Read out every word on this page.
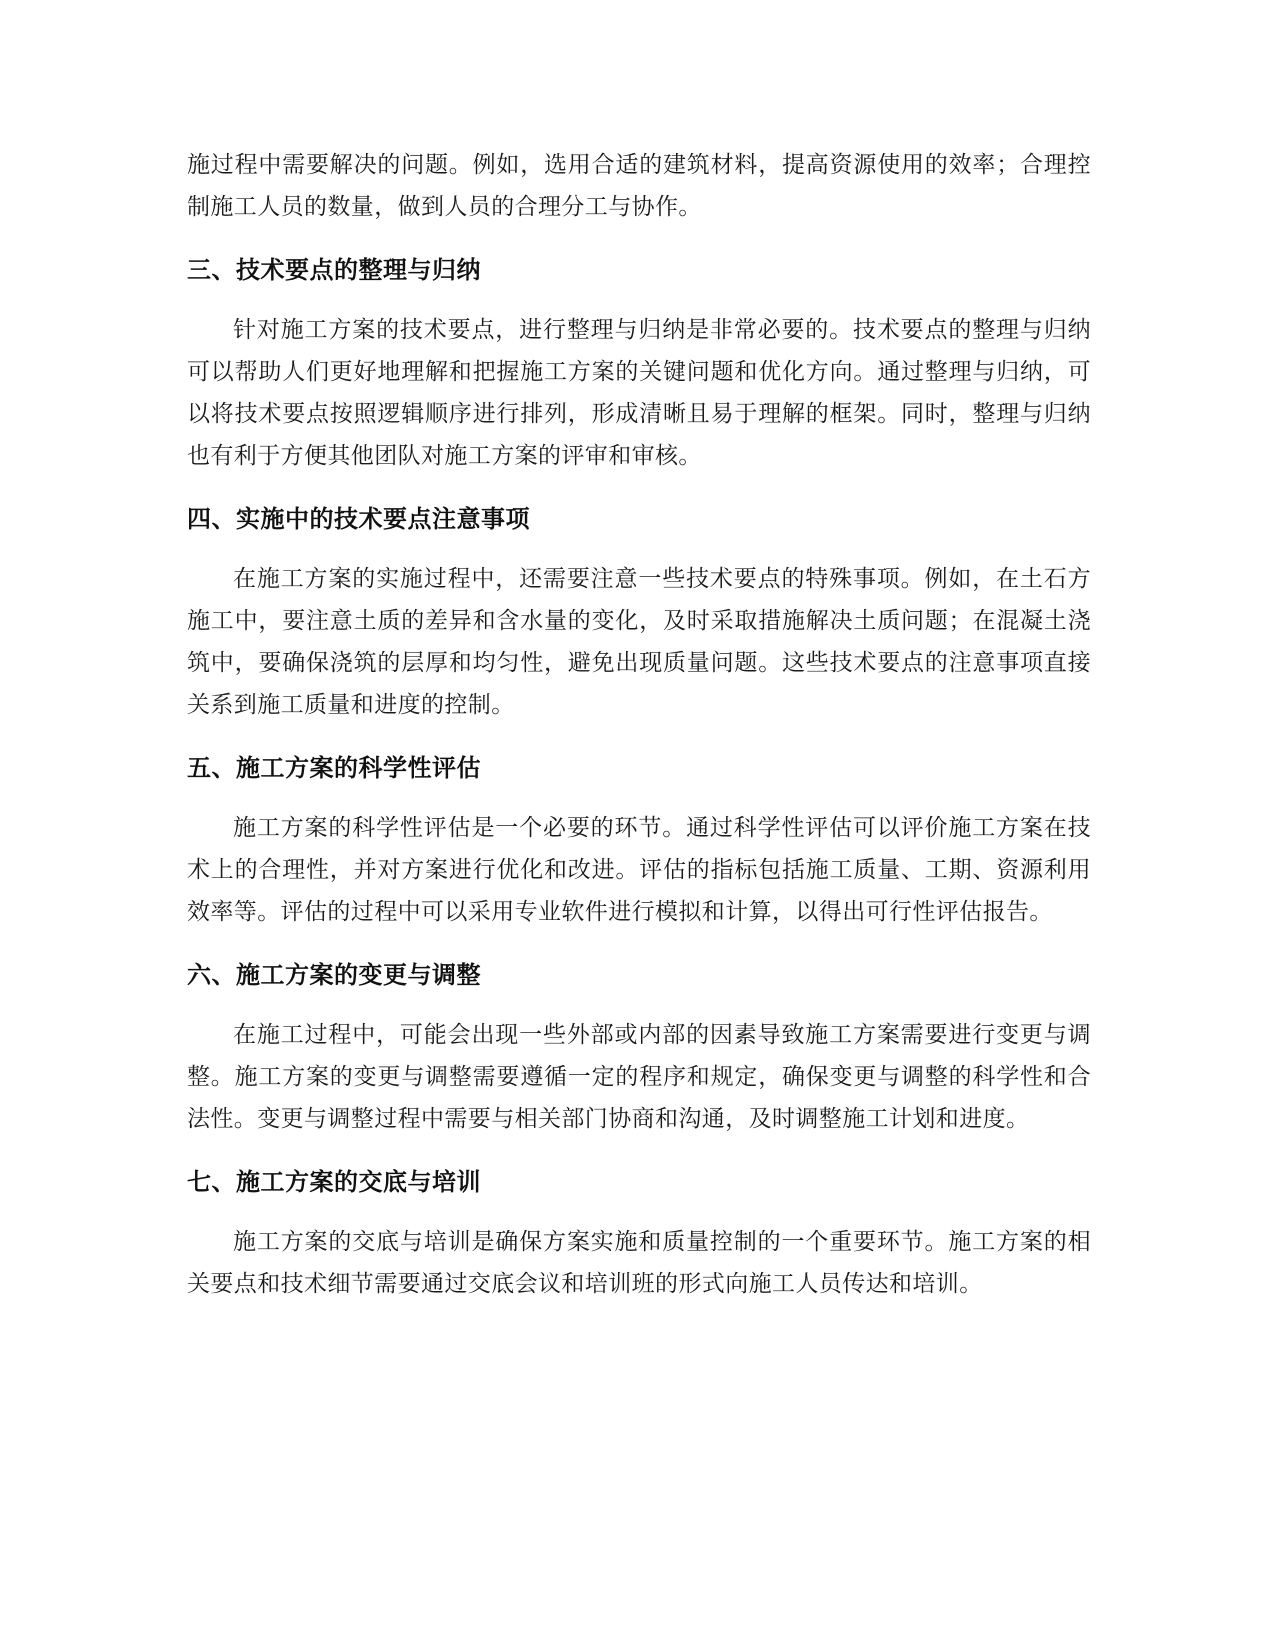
施过程中需要解决的问题。例如，选用合适的建筑材料，提高资源使用的效率；合理控制施工人员的数量，做到人员的合理分工与协作。

三、技术要点的整理与归纳

针对施工方案的技术要点，进行整理与归纳是非常必要的。技术要点的整理与归纳可以帮助人们更好地理解和把握施工方案的关键问题和优化方向。通过整理与归纳，可以将技术要点按照逻辑顺序进行排列，形成清晰且易于理解的框架。同时，整理与归纳也有利于方便其他团队对施工方案的评审和审核。

四、实施中的技术要点注意事项

在施工方案的实施过程中，还需要注意一些技术要点的特殊事项。例如，在土石方施工中，要注意土质的差异和含水量的变化，及时采取措施解决土质问题；在混凝土浇筑中，要确保浇筑的层厚和均匀性，避免出现质量问题。这些技术要点的注意事项直接关系到施工质量和进度的控制。

五、施工方案的科学性评估

施工方案的科学性评估是一个必要的环节。通过科学性评估可以评价施工方案在技术上的合理性，并对方案进行优化和改进。评估的指标包括施工质量、工期、资源利用效率等。评估的过程中可以采用专业软件进行模拟和计算，以得出可行性评估报告。

六、施工方案的变更与调整

在施工过程中，可能会出现一些外部或内部的因素导致施工方案需要进行变更与调整。施工方案的变更与调整需要遵循一定的程序和规定，确保变更与调整的科学性和合法性。变更与调整过程中需要与相关部门协商和沟通，及时调整施工计划和进度。

七、施工方案的交底与培训

施工方案的交底与培训是确保方案实施和质量控制的一个重要环节。施工方案的相关要点和技术细节需要通过交底会议和培训班的形式向施工人员传达和培训。
